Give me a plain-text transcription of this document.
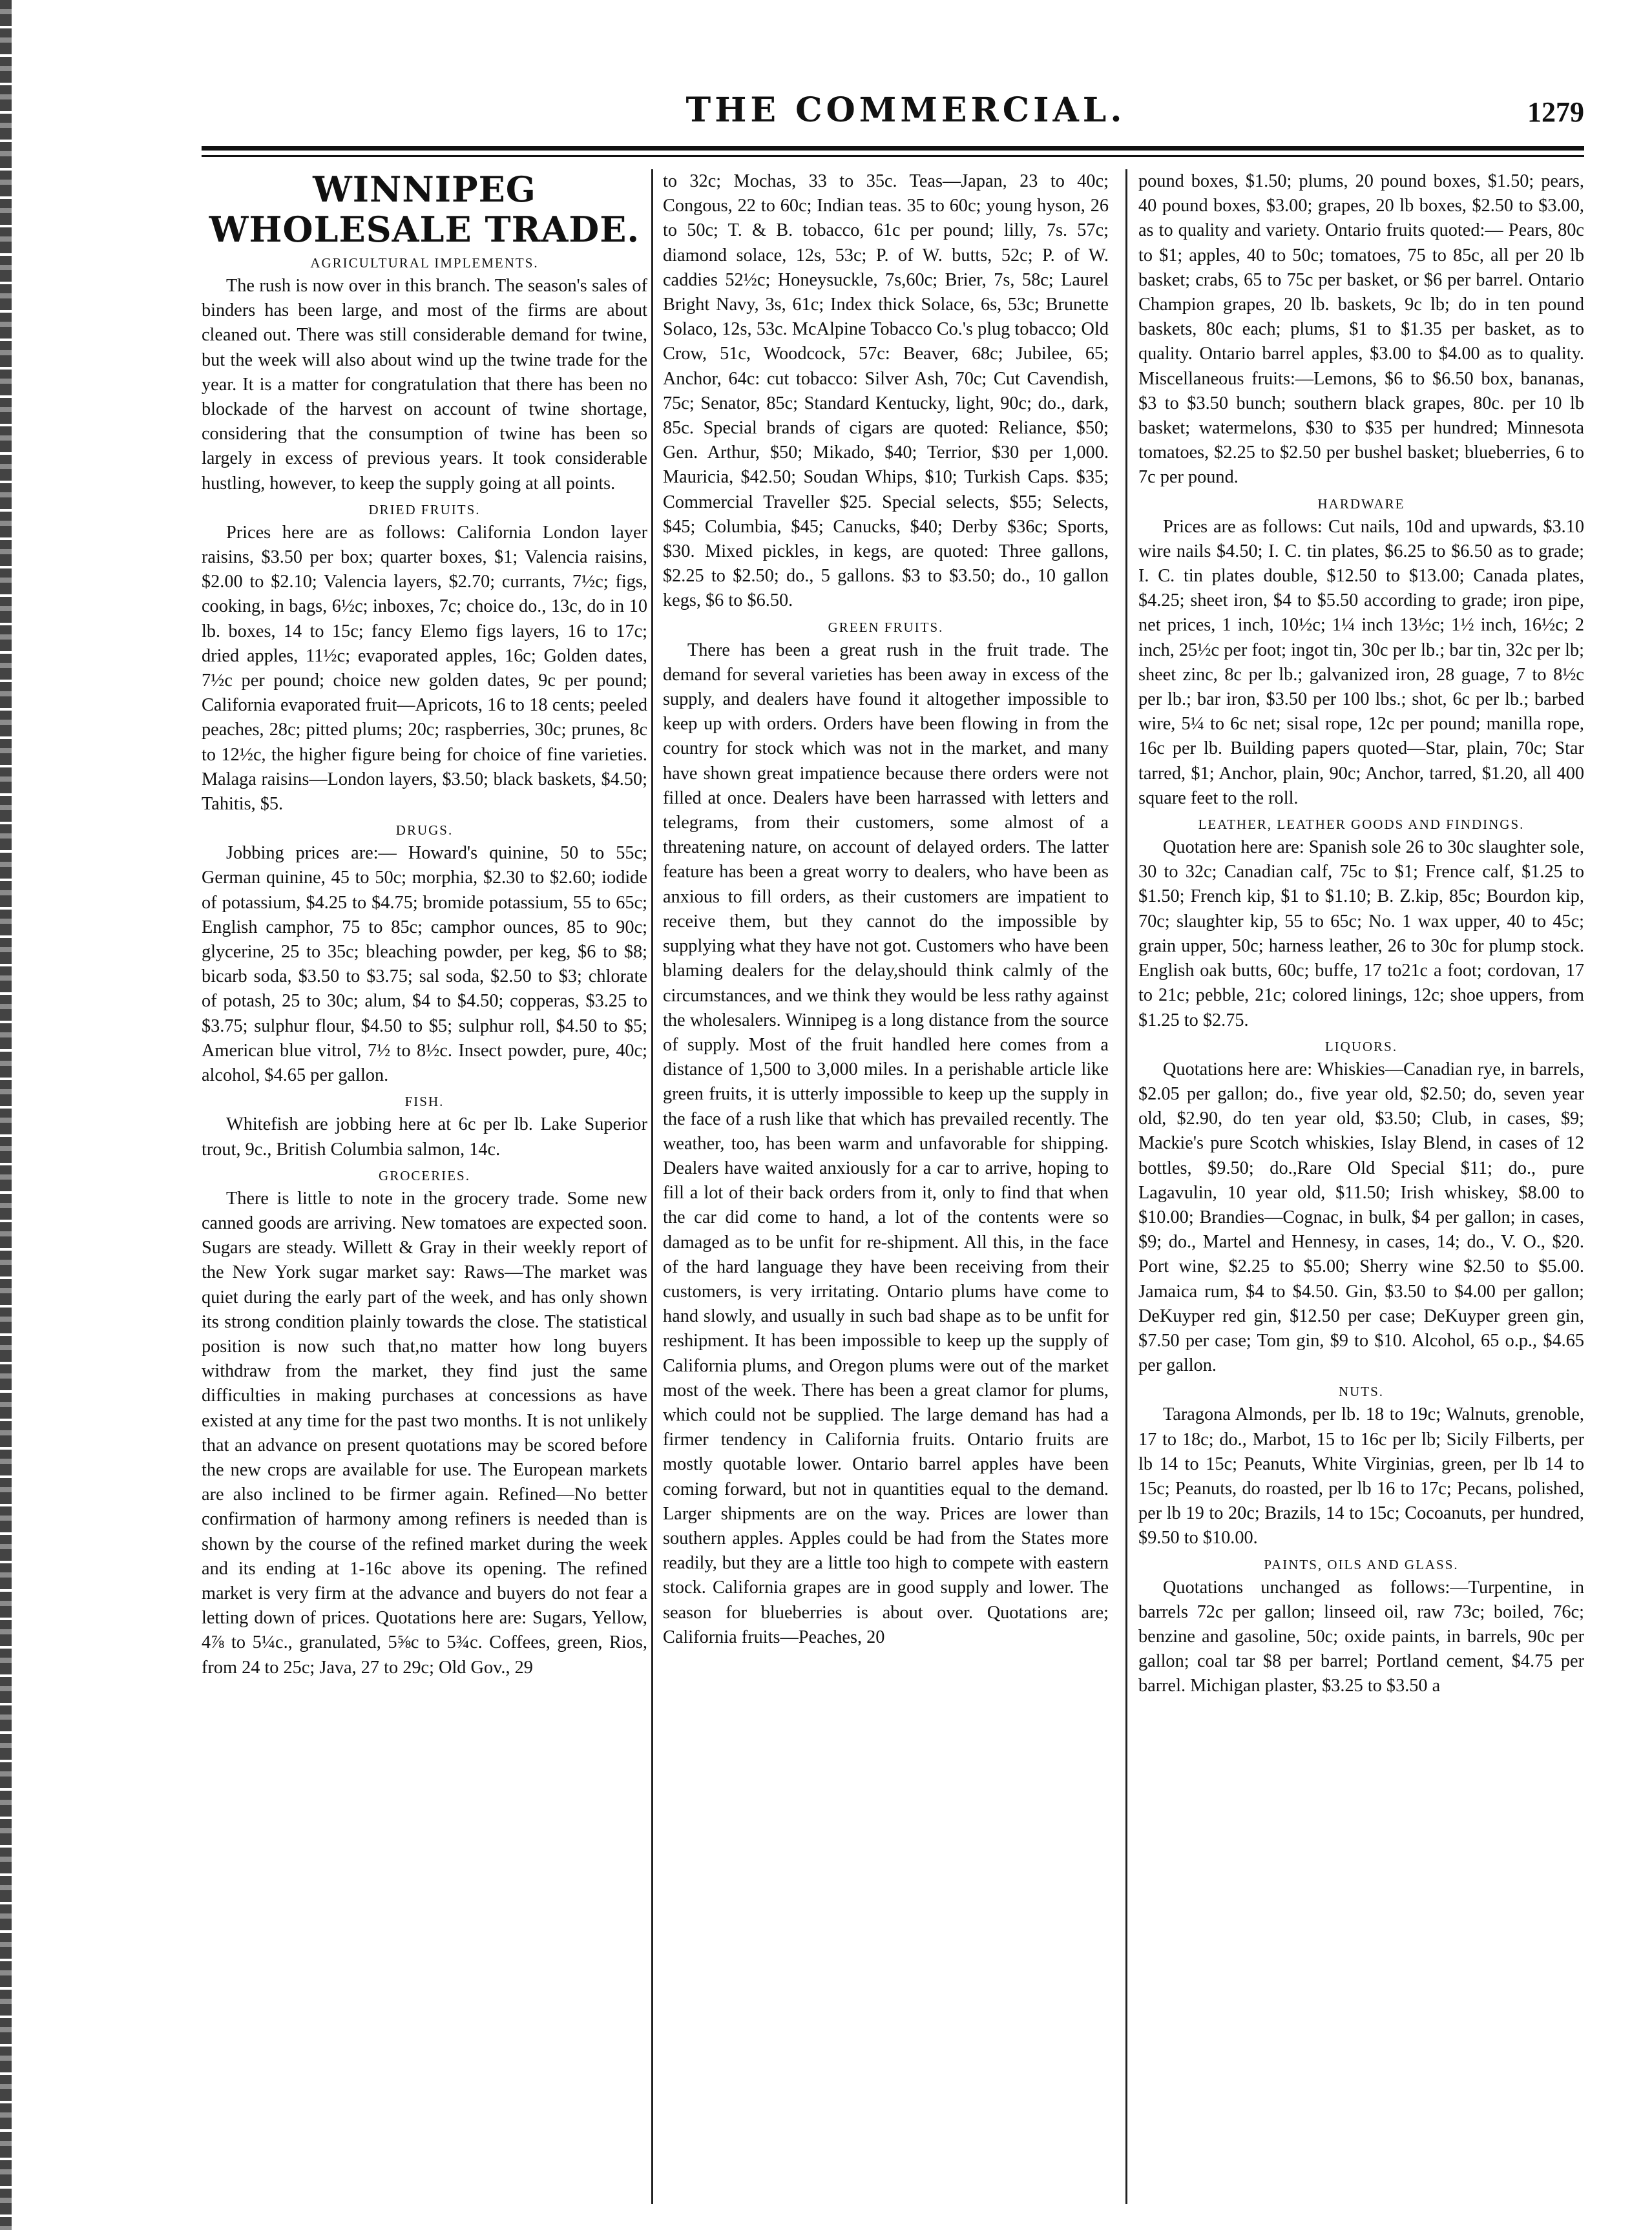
THE COMMERCIAL.	1279
WINNIPEG WHOLESALE TRADE.
AGRICULTURAL IMPLEMENTS.

The rush is now over in this branch. The season's sales of binders has been large, and most of the firms are about cleaned out. There was still considerable demand for twine, but the week will also about wind up the twine trade for the year. It is a matter for congratulation that there has been no blockade of the harvest on account of twine shortage, considering that the consumption of twine has been so largely in excess of previous years. It took considerable hustling, however, to keep the supply going at all points.

DRIED FRUITS.

Prices here are as follows: California London layer raisins, $3.50 per box; quarter boxes, $1; Valencia raisins, $2.00 to $2.10; Valencia layers, $2.70; currants, 7½c; figs, cooking, in bags, 6½c; inboxes, 7c; choice do., 13c, do in 10 lb. boxes, 14 to 15c; fancy Elemo figs layers, 16 to 17c; dried apples, 11½c; evaporated apples, 16c; Golden dates, 7½c per pound; choice new golden dates, 9c per pound; California evaporated fruit—Apricots, 16 to 18 cents; peeled peaches, 28c; pitted plums; 20c; raspberries, 30c; prunes, 8c to 12½c, the higher figure being for choice of fine varieties. Malaga raisins—London layers, $3.50; black baskets, $4.50; Tahitis, $5.

DRUGS.

Jobbing prices are:— Howard's quinine, 50 to 55c; German quinine, 45 to 50c; morphia, $2.30 to $2.60; iodide of potassium, $4.25 to $4.75; bromide potassium, 55 to 65c; English camphor, 75 to 85c; camphor ounces, 85 to 90c; glycerine, 25 to 35c; bleaching powder, per keg, $6 to $8; bicarb soda, $3.50 to $3.75; sal soda, $2.50 to $3; chlorate of potash, 25 to 30c; alum, $4 to $4.50; copperas, $3.25 to $3.75; sulphur flour, $4.50 to $5; sulphur roll, $4.50 to $5; American blue vitrol, 7½ to 8½c. Insect powder, pure, 40c; alcohol, $4.65 per gallon.

FISH.

Whitefish are jobbing here at 6c per lb. Lake Superior trout, 9c., British Columbia salmon, 14c.

GROCERIES.

There is little to note in the grocery trade. Some new canned goods are arriving. New tomatoes are expected soon. Sugars are steady. Willett & Gray in their weekly report of the New York sugar market say: Raws—The market was quiet during the early part of the week, and has only shown its strong condition plainly towards the close. The statistical position is now such that,no matter how long buyers withdraw from the market, they find just the same difficulties in making purchases at concessions as have existed at any time for the past two months. It is not unlikely that an advance on present quotations may be scored before the new crops are available for use. The European markets are also inclined to be firmer again. Refined—No better confirmation of harmony among refiners is needed than is shown by the course of the refined market during the week and its ending at 1-16c above its opening. The refined market is very firm at the advance and buyers do not fear a letting down of prices. Quotations here are: Sugars, Yellow, 4⅞ to 5¼c., granulated, 5⅝c to 5¾c. Coffees, green, Rios, from 24 to 25c; Java, 27 to 29c; Old Gov., 29

to 32c; Mochas, 33 to 35c. Teas—Japan, 23 to 40c; Congous, 22 to 60c; Indian teas. 35 to 60c; young hyson, 26 to 50c; T. & B. tobacco, 61c per pound; lilly, 7s. 57c; diamond solace, 12s, 53c; P. of W. butts, 52c; P. of W. caddies 52½c; Honeysuckle, 7s,60c; Brier, 7s, 58c; Laurel Bright Navy, 3s, 61c; Index thick Solace, 6s, 53c; Brunette Solaco, 12s, 53c. McAlpine Tobacco Co.'s plug tobacco; Old Crow, 51c, Woodcock, 57c: Beaver, 68c; Jubilee, 65; Anchor, 64c: cut tobacco: Silver Ash, 70c; Cut Cavendish, 75c; Senator, 85c; Standard Kentucky, light, 90c; do., dark, 85c. Special brands of cigars are quoted: Reliance, $50; Gen. Arthur, $50; Mikado, $40; Terrior, $30 per 1,000. Mauricia, $42.50; Soudan Whips, $10; Turkish Caps. $35; Commercial Traveller $25. Special selects, $55; Selects, $45; Columbia, $45; Canucks, $40; Derby $36c; Sports, $30. Mixed pickles, in kegs, are quoted: Three gallons, $2.25 to $2.50; do., 5 gallons. $3 to $3.50; do., 10 gallon kegs, $6 to $6.50.

GREEN FRUITS.

There has been a great rush in the fruit trade. The demand for several varieties has been away in excess of the supply, and dealers have found it altogether impossible to keep up with orders. Orders have been flowing in from the country for stock which was not in the market, and many have shown great impatience because there orders were not filled at once. Dealers have been harrassed with letters and telegrams, from their customers, some almost of a threatening nature, on account of delayed orders. The latter feature has been a great worry to dealers, who have been as anxious to fill orders, as their customers are impatient to receive them, but they cannot do the impossible by supplying what they have not got. Customers who have been blaming dealers for the delay,should think calmly of the circumstances, and we think they would be less rathy against the wholesalers. Winnipeg is a long distance from the source of supply. Most of the fruit handled here comes from a distance of 1,500 to 3,000 miles. In a perishable article like green fruits, it is utterly impossible to keep up the supply in the face of a rush like that which has prevailed recently. The weather, too, has been warm and unfavorable for shipping. Dealers have waited anxiously for a car to arrive, hoping to fill a lot of their back orders from it, only to find that when the car did come to hand, a lot of the contents were so damaged as to be unfit for re-shipment. All this, in the face of the hard language they have been receiving from their customers, is very irritating. Ontario plums have come to hand slowly, and usually in such bad shape as to be unfit for reshipment. It has been impossible to keep up the supply of California plums, and Oregon plums were out of the market most of the week. There has been a great clamor for plums, which could not be supplied. The large demand has had a firmer tendency in California fruits. Ontario fruits are mostly quotable lower. Ontario barrel apples have been coming forward, but not in quantities equal to the demand. Larger shipments are on the way. Prices are lower than southern apples. Apples could be had from the States more readily, but they are a little too high to compete with eastern stock. California grapes are in good supply and lower. The season for blueberries is about over. Quotations are; California fruits—Peaches, 20

pound boxes, $1.50; plums, 20 pound boxes, $1.50; pears, 40 pound boxes, $3.00; grapes, 20 lb boxes, $2.50 to $3.00, as to quality and variety. Ontario fruits quoted:— Pears, 80c to $1; apples, 40 to 50c; tomatoes, 75 to 85c, all per 20 lb basket; crabs, 65 to 75c per basket, or $6 per barrel. Ontario Champion grapes, 20 lb. baskets, 9c lb; do in ten pound baskets, 80c each; plums, $1 to $1.35 per basket, as to quality. Ontario barrel apples, $3.00 to $4.00 as to quality. Miscellaneous fruits:—Lemons, $6 to $6.50 box, bananas, $3 to $3.50 bunch; southern black grapes, 80c. per 10 lb basket; watermelons, $30 to $35 per hundred; Minnesota tomatoes, $2.25 to $2.50 per bushel basket; blueberries, 6 to 7c per pound.

HARDWARE

Prices are as follows: Cut nails, 10d and upwards, $3.10 wire nails $4.50; I. C. tin plates, $6.25 to $6.50 as to grade; I. C. tin plates double, $12.50 to $13.00; Canada plates, $4.25; sheet iron, $4 to $5.50 according to grade; iron pipe, net prices, 1 inch, 10½c; 1¼ inch 13½c; 1½ inch, 16½c; 2 inch, 25½c per foot; ingot tin, 30c per lb.; bar tin, 32c per lb; sheet zinc, 8c per lb.; galvanized iron, 28 guage, 7 to 8½c per lb.; bar iron, $3.50 per 100 lbs.; shot, 6c per lb.; barbed wire, 5¼ to 6c net; sisal rope, 12c per pound; manilla rope, 16c per lb. Building papers quoted—Star, plain, 70c; Star tarred, $1; Anchor, plain, 90c; Anchor, tarred, $1.20, all 400 square feet to the roll.

LEATHER, LEATHER GOODS AND FINDINGS.

Quotation here are: Spanish sole 26 to 30c slaughter sole, 30 to 32c; Canadian calf, 75c to $1; Frence calf, $1.25 to $1.50; French kip, $1 to $1.10; B. Z.kip, 85c; Bourdon kip, 70c; slaughter kip, 55 to 65c; No. 1 wax upper, 40 to 45c; grain upper, 50c; harness leather, 26 to 30c for plump stock. English oak butts, 60c; buffe, 17 to21c a foot; cordovan, 17 to 21c; pebble, 21c; colored linings, 12c; shoe uppers, from $1.25 to $2.75.

LIQUORS.

Quotations here are: Whiskies—Canadian rye, in barrels, $2.05 per gallon; do., five year old, $2.50; do, seven year old, $2.90, do ten year old, $3.50; Club, in cases, $9; Mackie's pure Scotch whiskies, Islay Blend, in cases of 12 bottles, $9.50; do.,Rare Old Special $11; do., pure Lagavulin, 10 year old, $11.50; Irish whiskey, $8.00 to $10.00; Brandies—Cognac, in bulk, $4 per gallon; in cases, $9; do., Martel and Hennesy, in cases, 14; do., V. O., $20. Port wine, $2.25 to $5.00; Sherry wine $2.50 to $5.00. Jamaica rum, $4 to $4.50. Gin, $3.50 to $4.00 per gallon; DeKuyper red gin, $12.50 per case; DeKuyper green gin, $7.50 per case; Tom gin, $9 to $10. Alcohol, 65 o.p., $4.65 per gallon.

NUTS.

Taragona Almonds, per lb. 18 to 19c; Walnuts, grenoble, 17 to 18c; do., Marbot, 15 to 16c per lb; Sicily Filberts, per lb 14 to 15c; Peanuts, White Virginias, green, per lb 14 to 15c; Peanuts, do roasted, per lb 16 to 17c; Pecans, polished, per lb 19 to 20c; Brazils, 14 to 15c; Cocoanuts, per hundred, $9.50 to $10.00.

PAINTS, OILS AND GLASS.

Quotations unchanged as follows:—Turpentine, in barrels 72c per gallon; linseed oil, raw 73c; boiled, 76c; benzine and gasoline, 50c; oxide paints, in barrels, 90c per gallon; coal tar $8 per barrel; Portland cement, $4.75 per barrel. Michigan plaster, $3.25 to $3.50 a
